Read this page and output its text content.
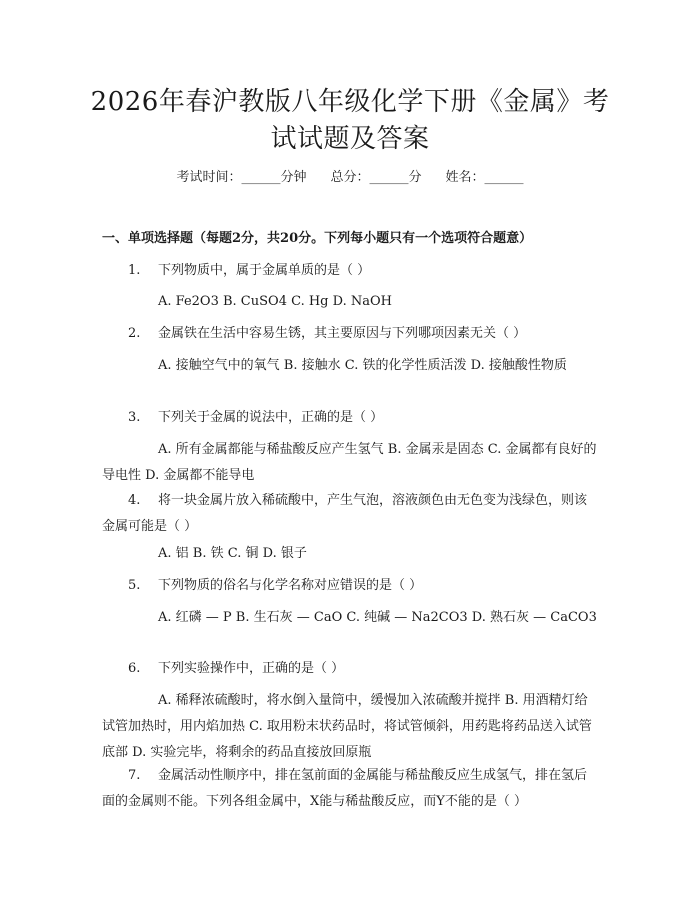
2026年春沪教版八年级化学下册《金属》考
试试题及答案
考试时间：______分钟 总分：______分 姓名：______
一、单项选择题（每题2分，共20分。下列每小题只有一个选项符合题意）

1. 下列物质中，属于金属单质的是（ ）

A. Fe2O3 B. CuSO4 C. Hg D. NaOH

2. 金属铁在生活中容易生锈，其主要原因与下列哪项因素无关（ ）

A. 接触空气中的氧气 B. 接触水 C. 铁的化学性质活泼 D. 接触酸性物质

3. 下列关于金属的说法中，正确的是（ ）

A. 所有金属都能与稀盐酸反应产生氢气 B. 金属汞是固态 C. 金属都有良好的导电性 D. 金属都不能导电

4. 将一块金属片放入稀硫酸中，产生气泡，溶液颜色由无色变为浅绿色，则该金属可能是（ ）

A. 铝 B. 铁 C. 铜 D. 银子

5. 下列物质的俗名与化学名称对应错误的是（ ）

A. 红磷 — P B. 生石灰 — CaO C. 纯碱 — Na2CO3 D. 熟石灰 — CaCO3

6. 下列实验操作中，正确的是（ ）

A. 稀释浓硫酸时，将水倒入量筒中，缓慢加入浓硫酸并搅拌 B. 用酒精灯给试管加热时，用内焰加热 C. 取用粉末状药品时，将试管倾斜，用药匙将药品送入试管底部 D. 实验完毕，将剩余的药品直接放回原瓶

7. 金属活动性顺序中，排在氢前面的金属能与稀盐酸反应生成氢气，排在氢后面的金属则不能。下列各组金属中，X能与稀盐酸反应，而Y不能的是（ ）
